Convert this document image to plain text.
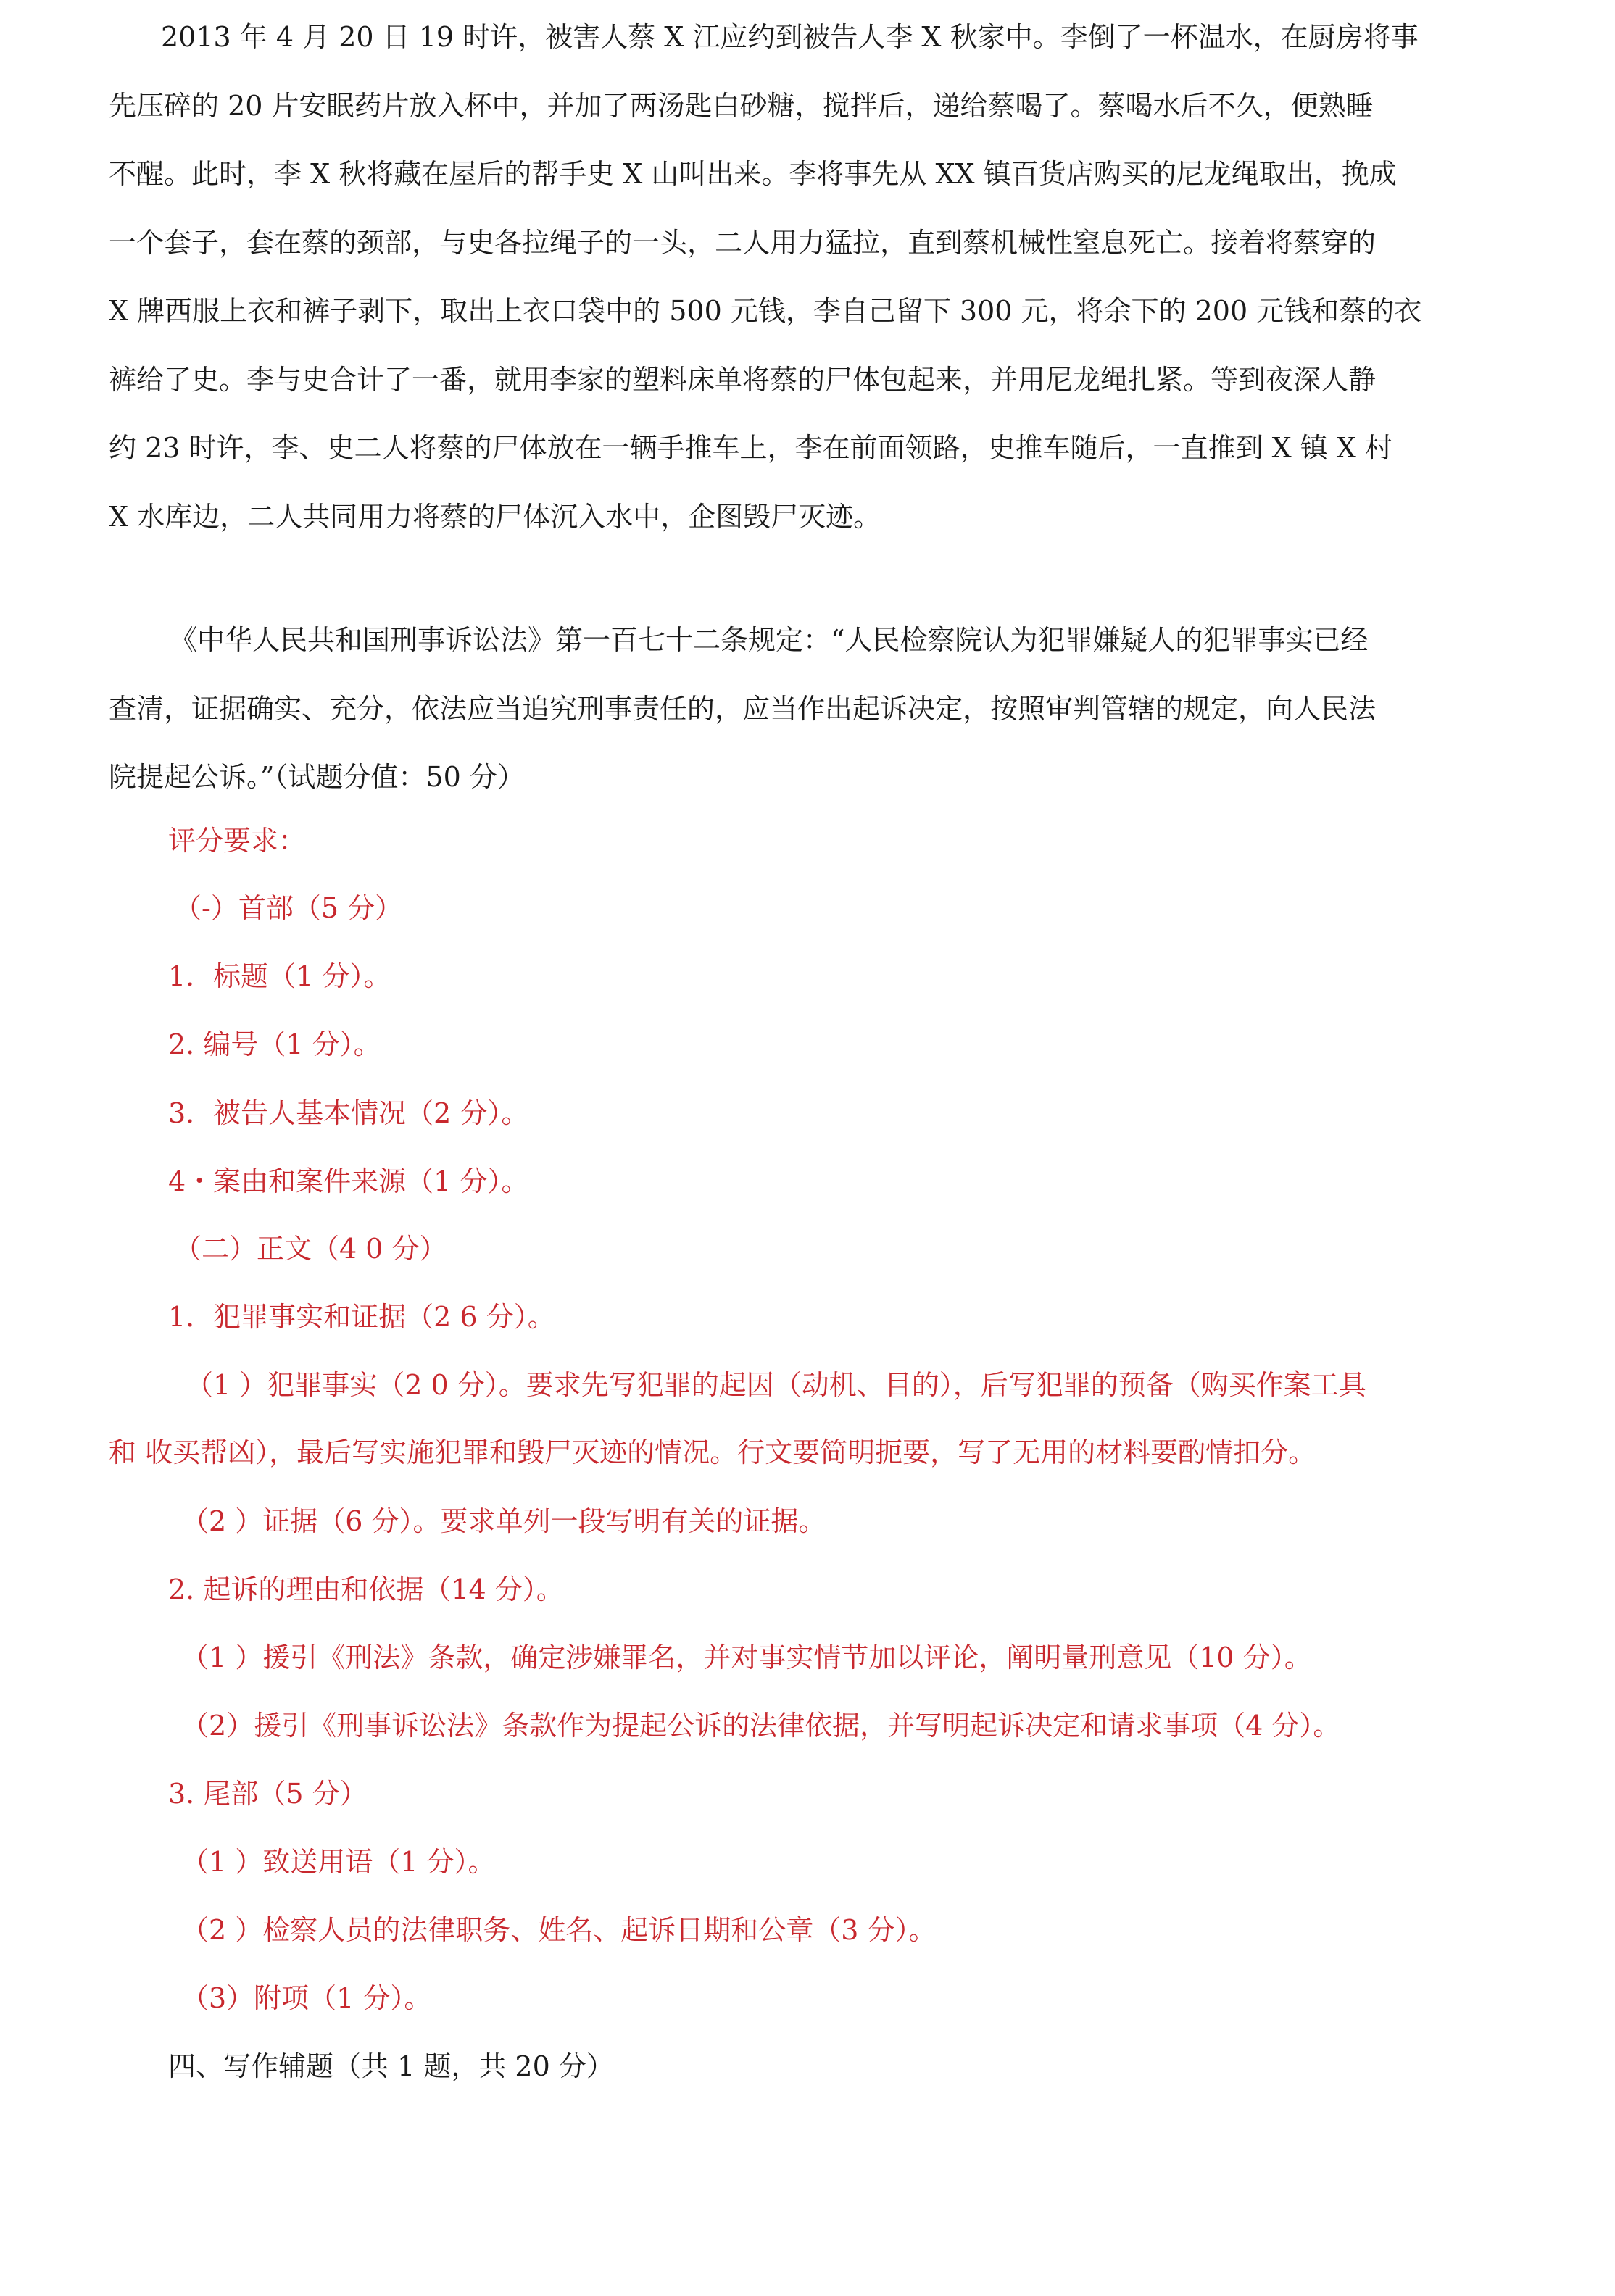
2013 年 4 月 20 日 19 时许，被害人蔡 X 江应约到被告人李 X 秋家中。李倒了一杯温水，在厨房将事
先压碎的 20 片安眠药片放入杯中，并加了两汤匙白砂糖，搅拌后，递给蔡喝了。蔡喝水后不久，便熟睡
不醒。此时，李 X 秋将藏在屋后的帮手史 X 山叫出来。李将事先从 XX 镇百货店购买的尼龙绳取出，挽成
一个套子，套在蔡的颈部，与史各拉绳子的一头，二人用力猛拉，直到蔡机械性窒息死亡。接着将蔡穿的
X 牌西服上衣和裤子剥下，取出上衣口袋中的 500 元钱，李自己留下 300 元，将余下的 200 元钱和蔡的衣
裤给了史。李与史合计了一番，就用李家的塑料床单将蔡的尸体包起来，并用尼龙绳扎紧。等到夜深人静
约 23 时许，李、史二人将蔡的尸体放在一辆手推车上，李在前面领路，史推车随后，一直推到 X 镇 X 村
X 水库边，二人共同用力将蔡的尸体沉入水中，企图毁尸灭迹。
《中华人民共和国刑事诉讼法》第一百七十二条规定：“人民检察院认为犯罪嫌疑人的犯罪事实已经
查清，证据确实、充分，依法应当追究刑事责任的，应当作出起诉决定，按照审判管辖的规定，向人民法
院提起公诉。”（试题分值：50 分）

评分要求：

（-）首部（5 分）

1．标题（1 分）。

2. 编号（1 分）。

3．被告人基本情况（2 分）。

4・案由和案件来源（1 分）。

（二）正文（4 0 分）

1．犯罪事实和证据（2 6 分）。

（1 ）犯罪事实（2 0 分）。要求先写犯罪的起因（动机、目的），后写犯罪的预备（购买作案工具

和 收买帮凶），最后写实施犯罪和毁尸灭迹的情况。行文要简明扼要，写了无用的材料要酌情扣分。

（2 ）证据（6 分）。要求单列一段写明有关的证据。

2. 起诉的理由和依据（14 分）。

（1 ）援引《刑法》条款，确定涉嫌罪名，并对事实情节加以评论，阐明量刑意见（10 分）。

（2）援引《刑事诉讼法》条款作为提起公诉的法律依据，并写明起诉决定和请求事项（4 分）。

3. 尾部（5 分）

（1 ）致送用语（1 分）。

（2 ）检察人员的法律职务、姓名、起诉日期和公章（3 分）。

（3）附项（1 分）。

四、写作辅题（共 1 题，共 20 分）
